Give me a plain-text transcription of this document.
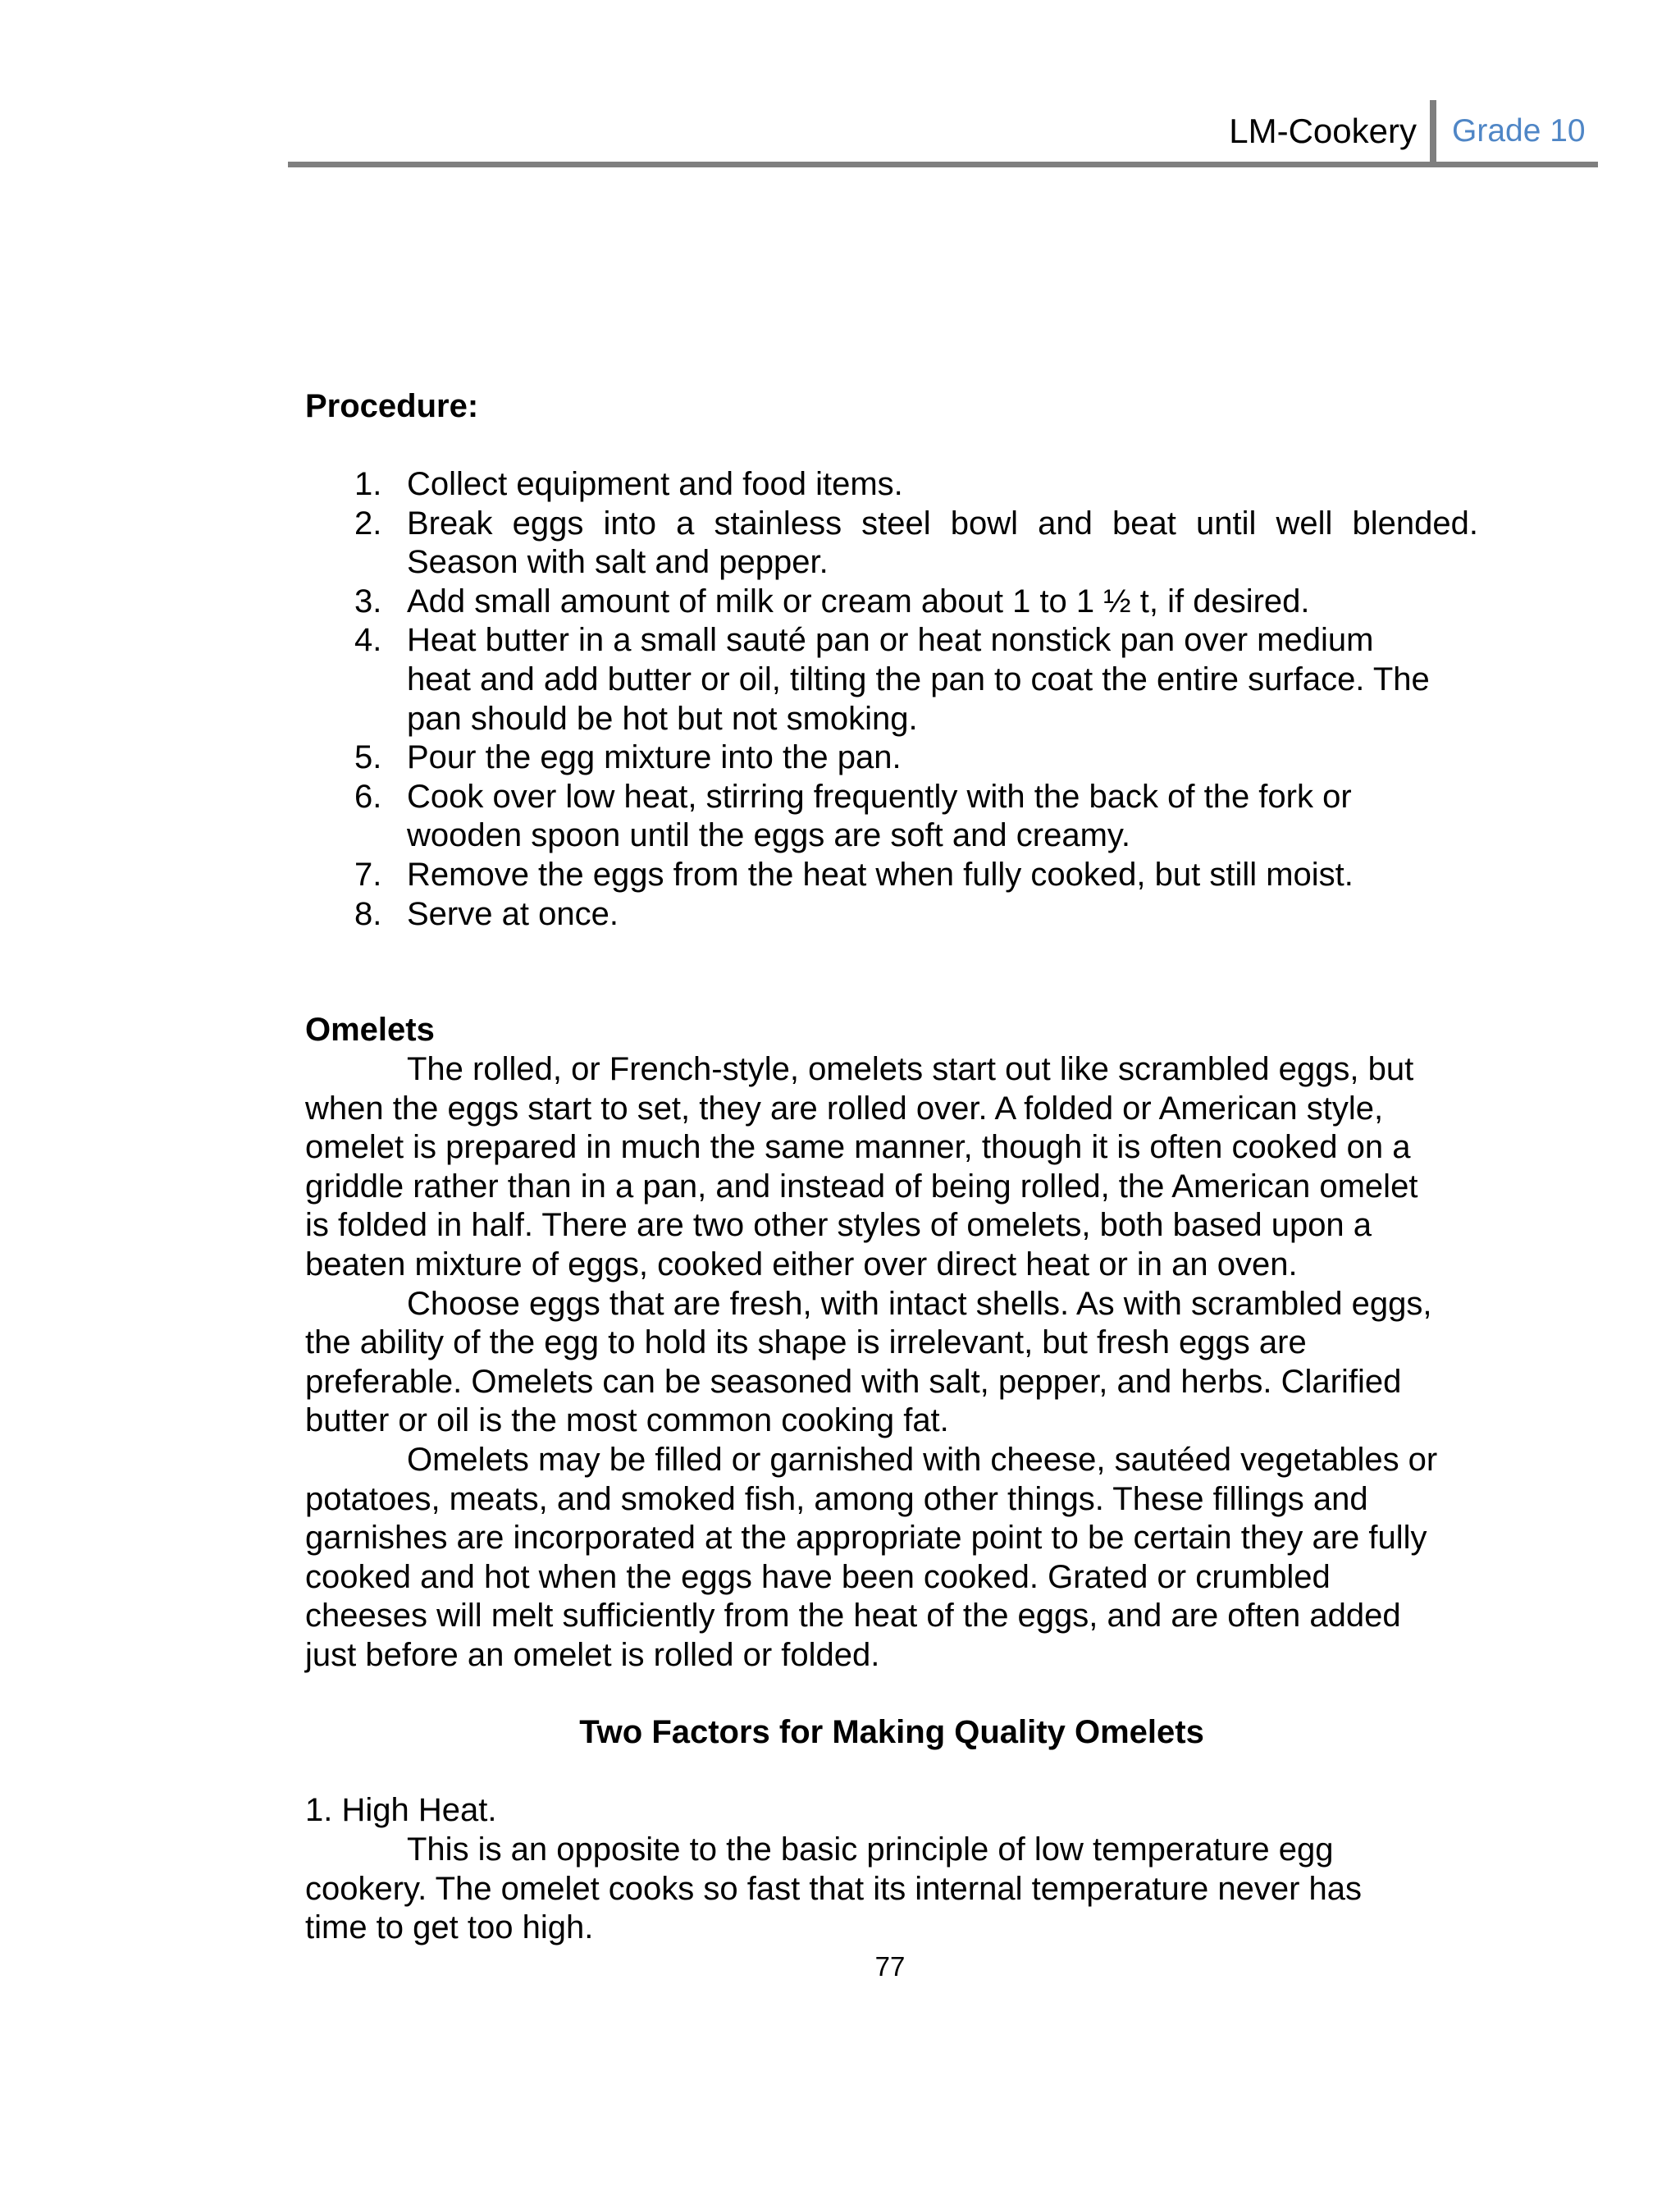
LM-Cookery Grade 10
Procedure:
1. Collect equipment and food items.
2. Break eggs into a stainless steel bowl and beat until well blended.
Season with salt and pepper.
3. Add small amount of milk or cream about 1 to 1 ½ t, if desired.
4. Heat butter in a small sauté pan or heat nonstick pan over medium
heat and add butter or oil, tilting the pan to coat the entire surface. The
pan should be hot but not smoking.
5. Pour the egg mixture into the pan.
6. Cook over low heat, stirring frequently with the back of the fork or
wooden spoon until the eggs are soft and creamy.
7. Remove the eggs from the heat when fully cooked, but still moist.
8. Serve at once.
Omelets
The rolled, or French-style, omelets start out like scrambled eggs, but
when the eggs start to set, they are rolled over. A folded or American style,
omelet is prepared in much the same manner, though it is often cooked on a
griddle rather than in a pan, and instead of being rolled, the American omelet
is folded in half. There are two other styles of omelets, both based upon a
beaten mixture of eggs, cooked either over direct heat or in an oven.
Choose eggs that are fresh, with intact shells. As with scrambled eggs,
the ability of the egg to hold its shape is irrelevant, but fresh eggs are
preferable. Omelets can be seasoned with salt, pepper, and herbs. Clarified
butter or oil is the most common cooking fat.
Omelets may be filled or garnished with cheese, sautéed vegetables or
potatoes, meats, and smoked fish, among other things. These fillings and
garnishes are incorporated at the appropriate point to be certain they are fully
cooked and hot when the eggs have been cooked. Grated or crumbled
cheeses will melt sufficiently from the heat of the eggs, and are often added
just before an omelet is rolled or folded.
Two Factors for Making Quality Omelets
1. High Heat.
This is an opposite to the basic principle of low temperature egg
cookery. The omelet cooks so fast that its internal temperature never has
time to get too high.
77
